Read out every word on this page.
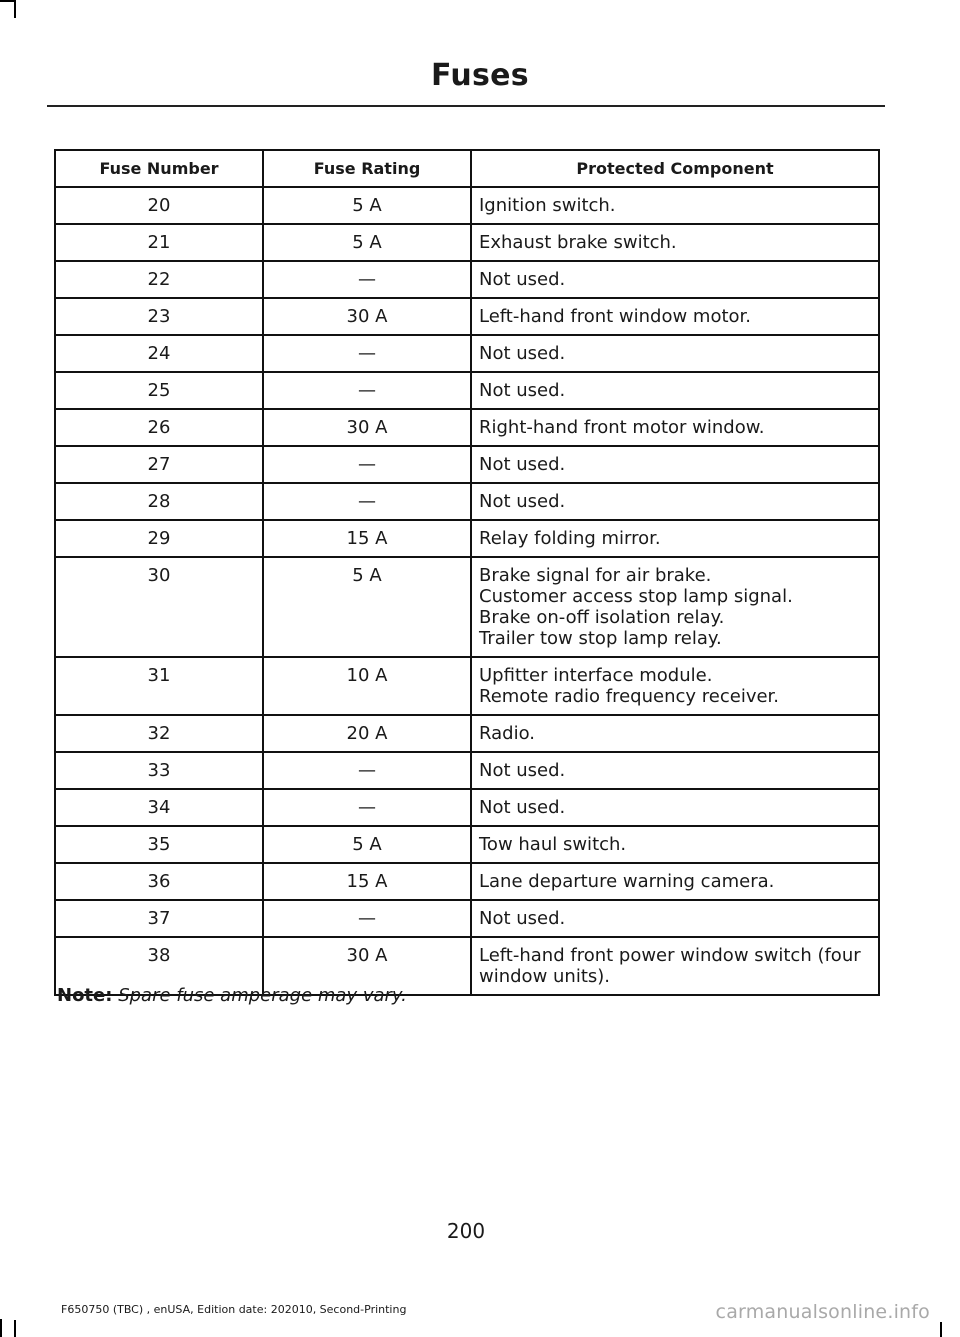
Fuses
Fuse Number	Fuse Rating	Protected Component
20	5 A	Ignition switch.

21	5 A	Exhaust brake switch.

22	—	Not used.

23	30 A	Left-hand front window motor.

24	—	Not used.

25	—	Not used.

26	30 A	Right-hand front motor window.

27	—	Not used.

28	—	Not used.

29	15 A	Relay folding mirror.

30	5 A	Brake signal for air brake.
Customer access stop lamp signal.
Brake on-off isolation relay.
Trailer tow stop lamp relay.

31	10 A	Upfitter interface module.
Remote radio frequency receiver.

32	20 A	Radio.

33	—	Not used.

34	—	Not used.

35	5 A	Tow haul switch.

36	15 A	Lane departure warning camera.

37	—	Not used.

38	30 A	Left-hand front power window switch (four
window units).
Note: Spare fuse amperage may vary.
200
F650750 (TBC) , enUSA, Edition date: 202010, Second-Printing	carmanualsonline.info
